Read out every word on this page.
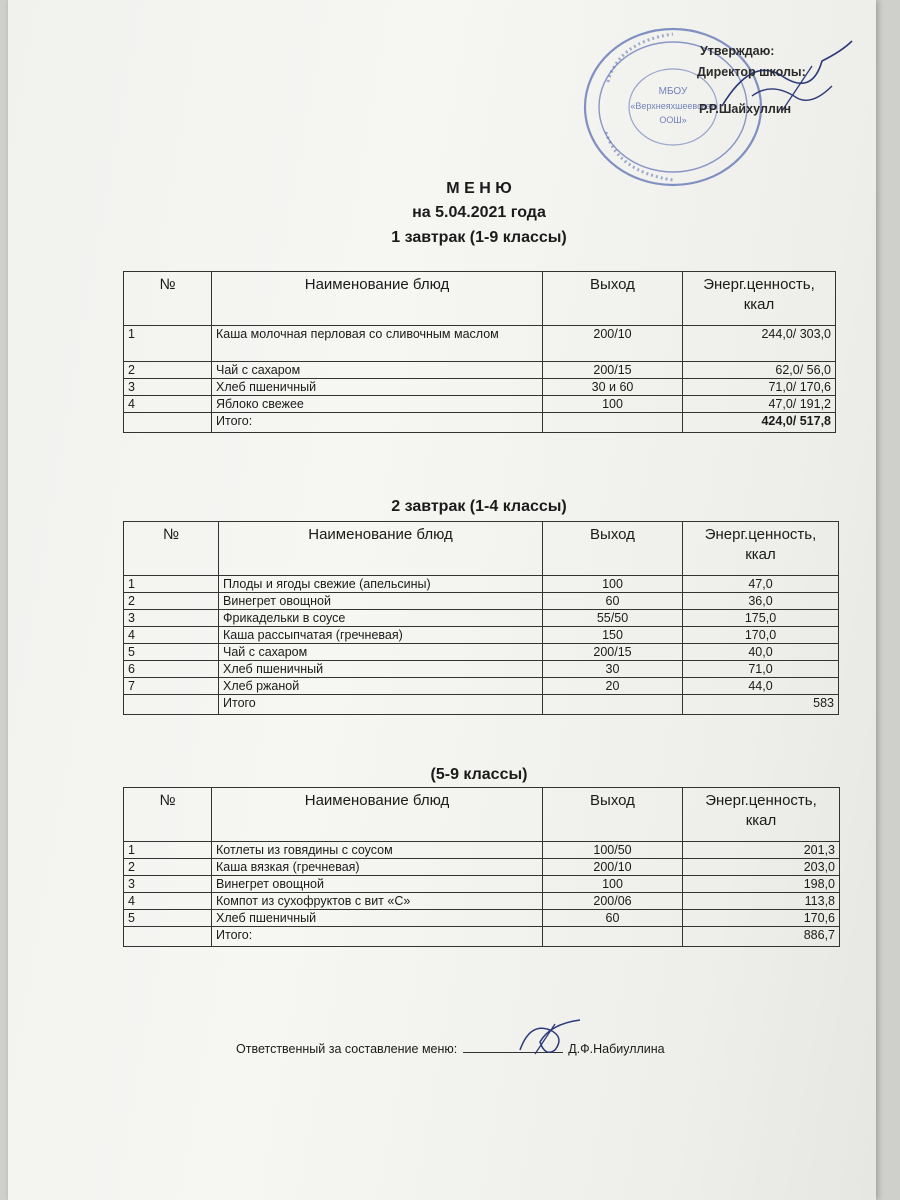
МБОУ
«Верхнеяхшеевская
ООШ»
Утверждаю:
Директор школы:
Р.Р.Шайхуллин
М Е Н Ю
на 5.04.2021 года
1 завтрак (1-9 классы)
№	Наименование блюд	Выход	Энерг.ценность,
ккал
1	Каша молочная перловая со сливочным маслом	200/10	244,0/ 303,0
2	Чай с сахаром	200/15	62,0/ 56,0
3	Хлеб пшеничный	30 и 60	71,0/ 170,6
4	Яблоко свежее	100	47,0/ 191,2
	Итого:		424,0/ 517,8
2 завтрак (1-4 классы)
№	Наименование блюд	Выход	Энерг.ценность,
ккал
1	Плоды и ягоды свежие (апельсины)	100	47,0
2	Винегрет овощной	60	36,0
3	Фрикадельки в соусе	55/50	175,0
4	Каша рассыпчатая (гречневая)	150	170,0
5	Чай с сахаром	200/15	40,0
6	Хлеб пшеничный	30	71,0
7	Хлеб ржаной	20	44,0
	Итого		583
(5-9 классы)
№	Наименование блюд	Выход	Энерг.ценность,
ккал
1	Котлеты из говядины с соусом	100/50	201,3
2	Каша вязкая (гречневая)	200/10	203,0
3	Винегрет овощной	100	198,0
4	Компот из сухофруктов с вит «С»	200/06	113,8
5	Хлеб пшеничный	60	170,6
	Итого:		886,7
Ответственный за составление меню:	Д.Ф.Набиуллина
